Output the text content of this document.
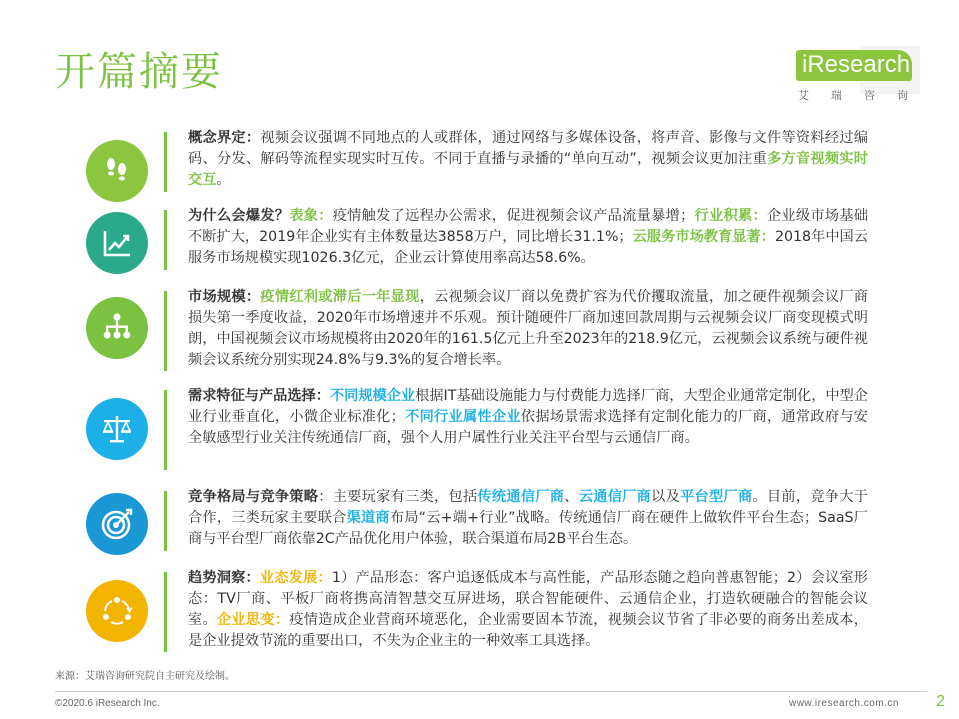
开篇摘要	iResearch
艾 瑞 咨 询
概念界定：视频会议强调不同地点的人或群体，通过网络与多媒体设备，将声音、影像与文件等资料经过编码、分发、解码等流程实现实时互传。不同于直播与录播的“单向互动”，视频会议更加注重多方音视频实时交互。
为什么会爆发？表象：疫情触发了远程办公需求，促进视频会议产品流量暴增；行业积累：企业级市场基础不断扩大，2019年企业实有主体数量达3858万户，同比增长31.1%；云服务市场教育显著：2018年中国云服务市场规模实现1026.3亿元，企业云计算使用率高达58.6%。
市场规模：疫情红利或滞后一年显现，云视频会议厂商以免费扩容为代价攫取流量，加之硬件视频会议厂商损失第一季度收益，2020年市场增速并不乐观。预计随硬件厂商加速回款周期与云视频会议厂商变现模式明朗，中国视频会议市场规模将由2020年的161.5亿元上升至2023年的218.9亿元，云视频会议系统与硬件视频会议系统分别实现24.8%与9.3%的复合增长率。
需求特征与产品选择：不同规模企业根据IT基础设施能力与付费能力选择厂商，大型企业通常定制化，中型企业行业垂直化，小微企业标准化；不同行业属性企业依据场景需求选择有定制化能力的厂商，通常政府与安全敏感型行业关注传统通信厂商，强个人用户属性行业关注平台型与云通信厂商。
竞争格局与竞争策略：主要玩家有三类，包括传统通信厂商、云通信厂商以及平台型厂商。目前，竞争大于合作，三类玩家主要联合渠道商布局“云+端+行业”战略。传统通信厂商在硬件上做软件平台生态；SaaS厂商与平台型厂商依靠2C产品优化用户体验，联合渠道布局2B平台生态。
趋势洞察：业态发展：1）产品形态：客户追逐低成本与高性能，产品形态随之趋向普惠智能；2）会议室形态：TV厂商、平板厂商将携高清智慧交互屏进场，联合智能硬件、云通信企业，打造软硬融合的智能会议室。企业思变：疫情造成企业营商环境恶化，企业需要固本节流，视频会议节省了非必要的商务出差成本，是企业提效节流的重要出口，不失为企业主的一种效率工具选择。
来源：艾瑞咨询研究院自主研究及绘制。
©2020.6 iResearch Inc.	www.iresearch.com.cn 2
